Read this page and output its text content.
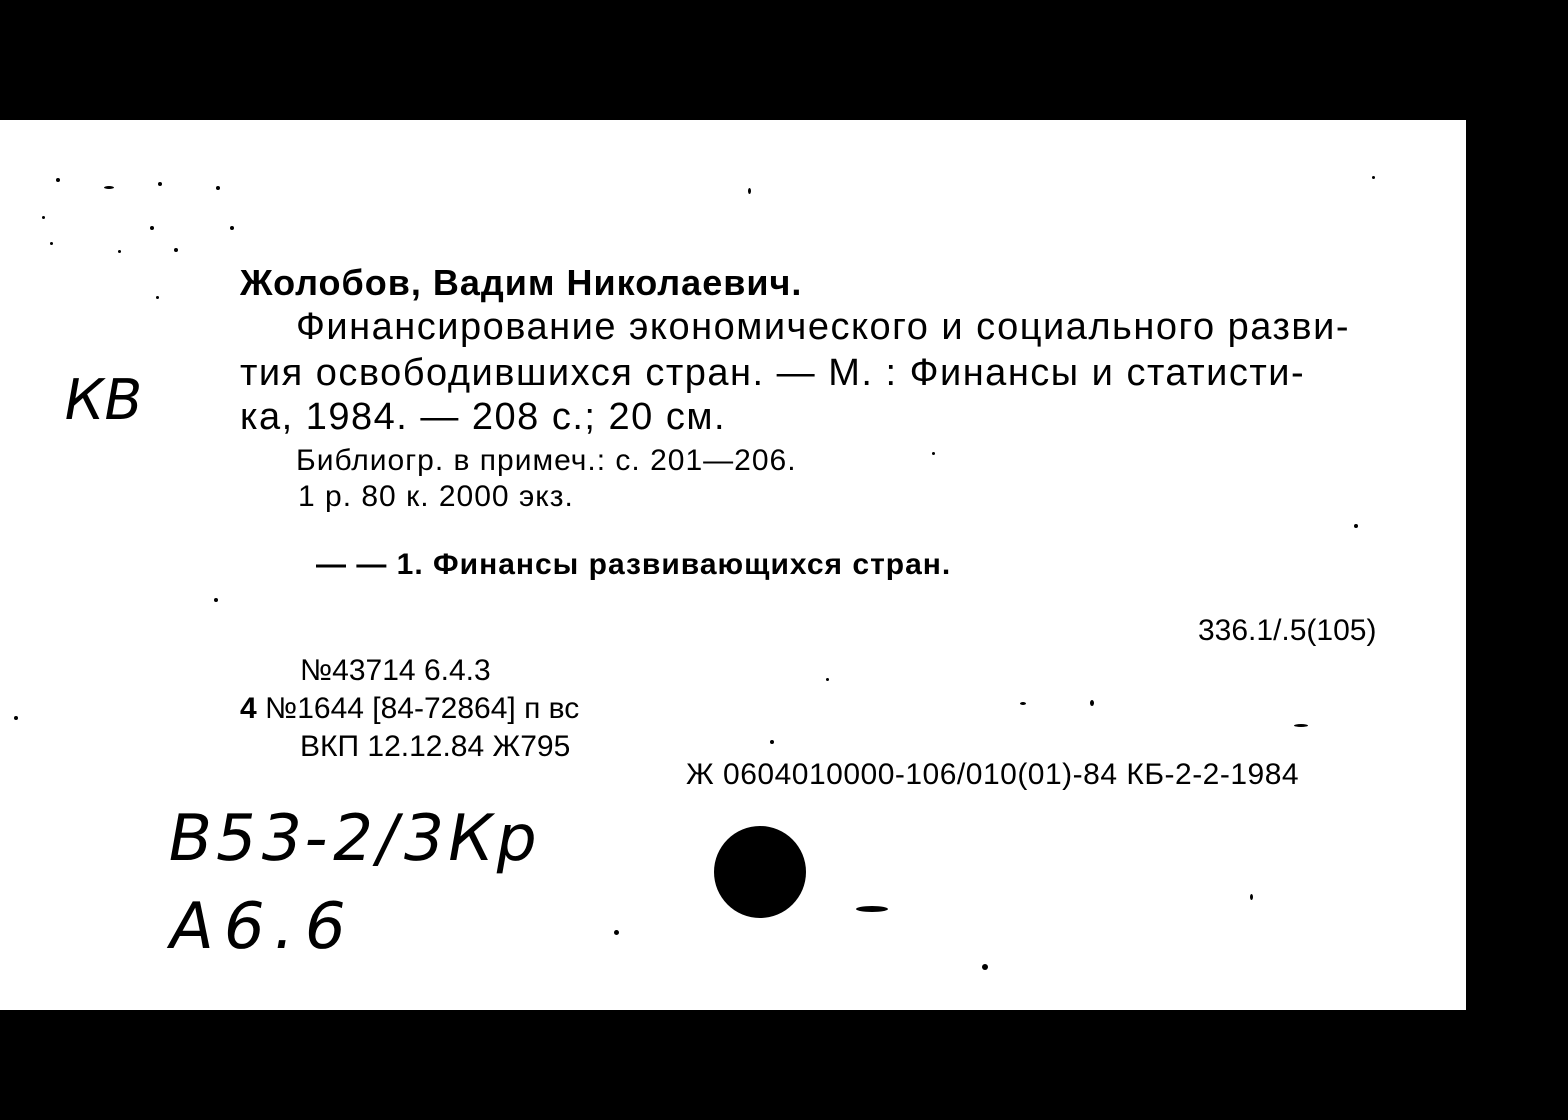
Жолобов, Вадим Николаевич.
Финансирование экономического и социального разви-
тия освободившихся стран. — М. : Финансы и статисти-
ка, 1984. — 208 с.; 20 см.
Библиогр. в примеч.: с. 201—206.
1 р. 80 к. 2000 экз.
— — 1. Финансы развивающихся стран.
336.1/.5(105)
№43714 6.4.3
4 №1644 [84-72864] п вс
ВКП 12.12.84 Ж795
Ж 0604010000-106/010(01)-84 КБ-2-2-1984
КВ
В53-2/3Кр
А6.6
